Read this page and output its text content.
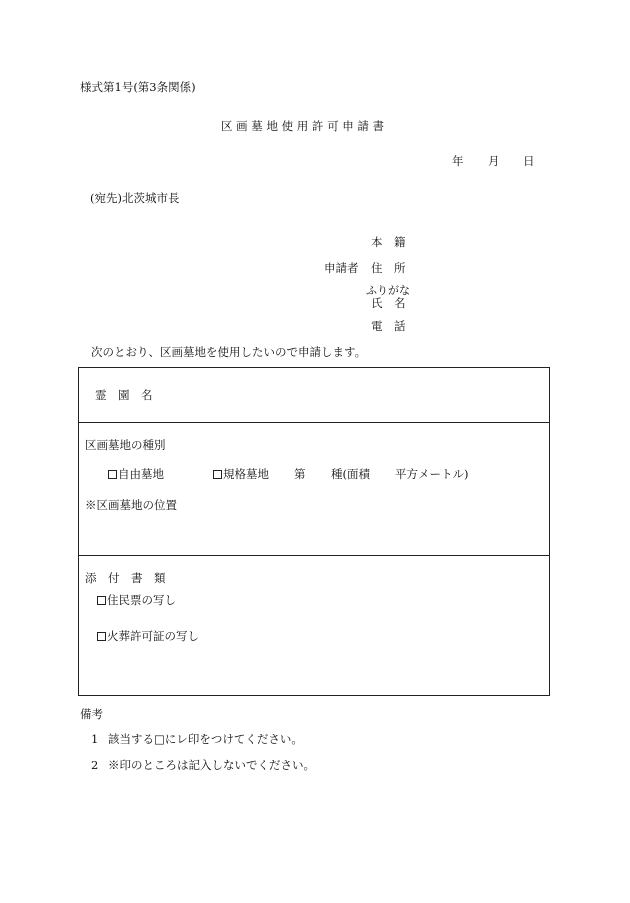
様式第1号(第3条関係)
区 画 墓 地 使 用 許 可 申 請 書
年 月 日
(宛先)北茨城市長
本　籍
申請者 住　所
ふりがな
氏　名
電　話
次のとおり、区画墓地を使用したいので申請します。
霊　園　名
区画墓地の種別
自由墓地	規格墓地 第 種(面積 平方メートル)
※区画墓地の位置
添　付　書　類
住民票の写し
火葬許可証の写し
備考
1 該当する□にレ印をつけてください。
2 ※印のところは記入しないでください。
